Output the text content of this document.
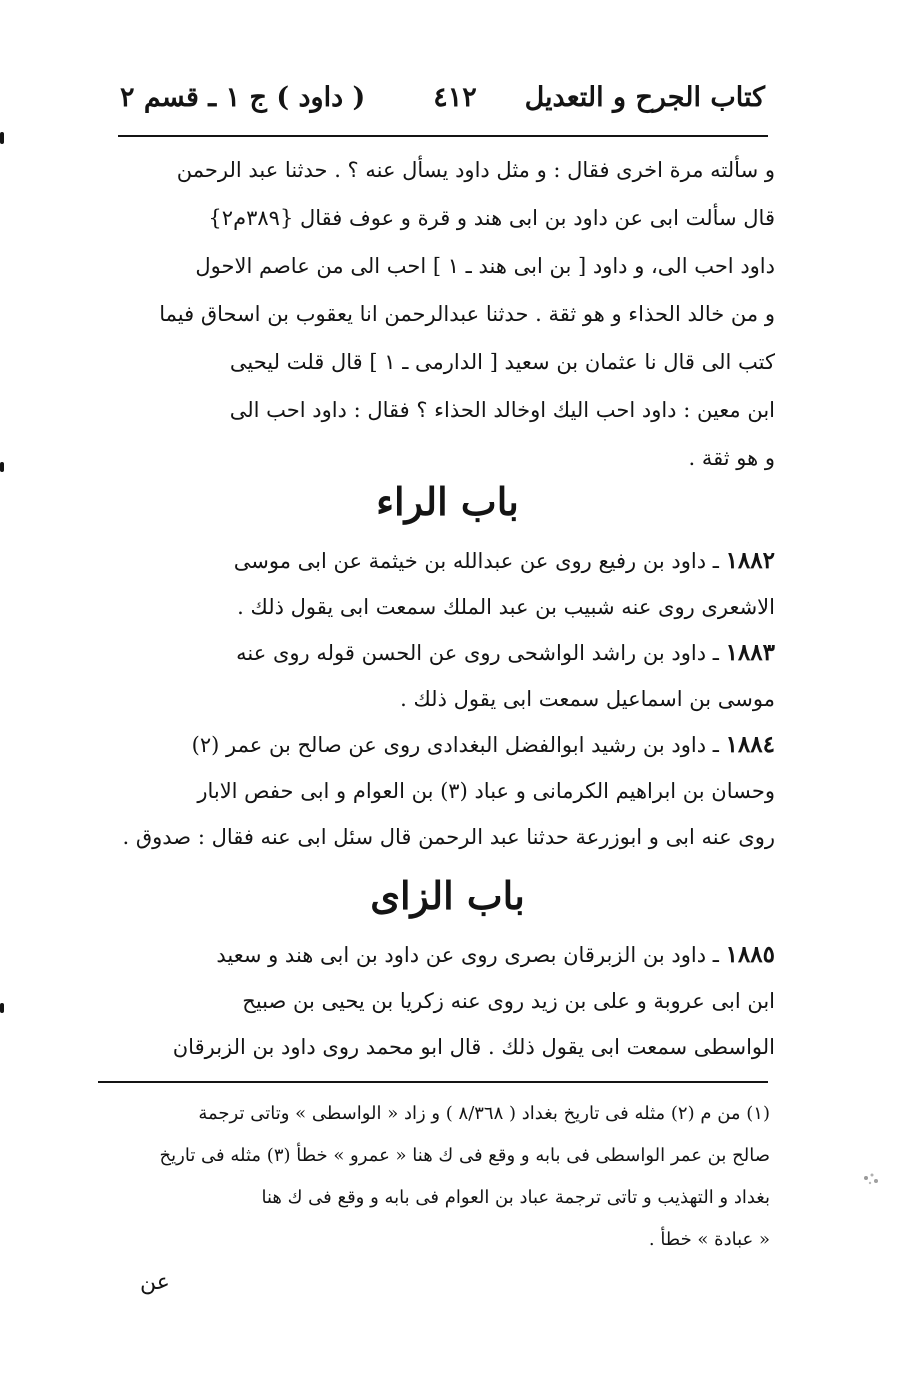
كتاب الجرح و التعديل
٤١٢
( داود ) ج ١ ـ قسم ٢
و سألته مرة اخرى فقال : و مثل داود يسأل عنه ؟ . حدثنا عبد الرحمن
قال سألت ابى عن داود بن ابى هند و قرة و عوف فقال {٣٨٩م٢}
داود احب الى، و داود [ بن ابى هند ـ ١ ] احب الى من عاصم الاحول
و من خالد الحذاء و هو ثقة . حدثنا عبدالرحمن انا يعقوب بن اسحاق فيما
كتب الى قال نا عثمان بن سعيد [ الدارمى ـ ١ ] قال قلت ليحيى
ابن معين : داود احب اليك اوخالد الحذاء ؟ فقال : داود احب الى
و هو ثقة .
باب الراء
١٨٨٢ ـ داود بن رفيع روى عن عبدالله بن خيثمة عن ابى موسى
الاشعرى روى عنه شبيب بن عبد الملك سمعت ابى يقول ذلك .
١٨٨٣ ـ داود بن راشد الواشحى روى عن الحسن قوله روى عنه
موسى بن اسماعيل سمعت ابى يقول ذلك .
١٨٨٤ ـ داود بن رشيد ابوالفضل البغدادى روى عن صالح بن عمر (٢)
وحسان بن ابراهيم الكرمانى و عباد (٣) بن العوام و ابى حفص الابار
روى عنه ابى و ابوزرعة حدثنا عبد الرحمن قال سئل ابى عنه فقال : صدوق .
باب الزاى
١٨٨٥ ـ داود بن الزبرقان بصرى روى عن داود بن ابى هند و سعيد
ابن ابى عروبة و على بن زيد روى عنه زكريا بن يحيى بن صبيح
الواسطى سمعت ابى يقول ذلك . قال ابو محمد روى داود بن الزبرقان
(١) من م (٢) مثله فى تاريخ بغداد ( ٨/٣٦٨ ) و زاد « الواسطى » وتاتى ترجمة
صالح بن عمر الواسطى فى بابه و وقع فى ك هنا « عمرو » خطأ (٣) مثله فى تاريخ
بغداد و التهذيب و تاتى ترجمة عباد بن العوام فى بابه و وقع فى ك هنا
« عبادة » خطأ .
عن
